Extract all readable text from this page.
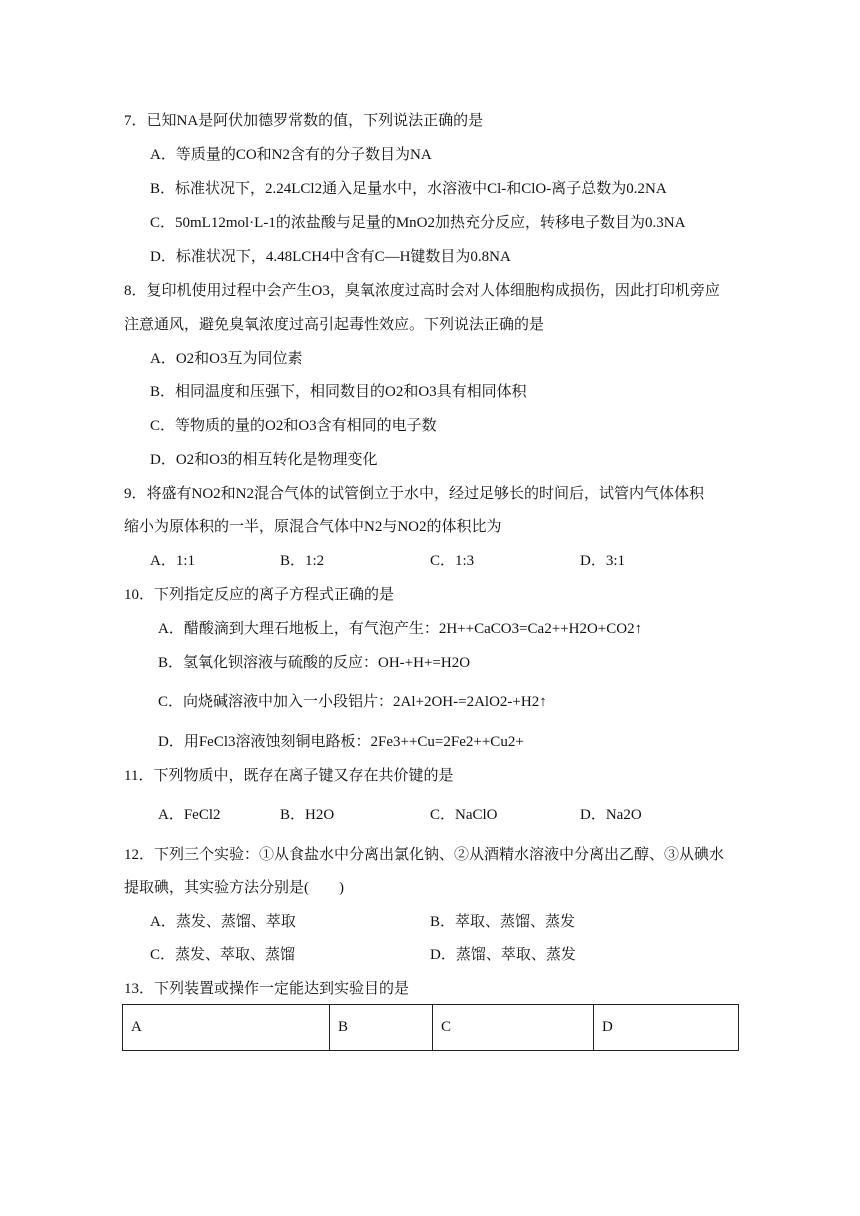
7．已知NA是阿伏加德罗常数的值，下列说法正确的是
A．等质量的CO和N2含有的分子数目为NA
B．标准状况下，2.24LCl2通入足量水中，水溶液中Cl-和ClO-离子总数为0.2NA
C．50mL12mol·L-1的浓盐酸与足量的MnO2加热充分反应，转移电子数目为0.3NA
D．标准状况下，4.48LCH4中含有C—H键数目为0.8NA
8．复印机使用过程中会产生O3，臭氧浓度过高时会对人体细胞构成损伤，因此打印机旁应
注意通风，避免臭氧浓度过高引起毒性效应。下列说法正确的是
A．O2和O3互为同位素
B．相同温度和压强下，相同数目的O2和O3具有相同体积
C．等物质的量的O2和O3含有相同的电子数
D．O2和O3的相互转化是物理变化
9．将盛有NO2和N2混合气体的试管倒立于水中，经过足够长的时间后，试管内气体体积
缩小为原体积的一半，原混合气体中N2与NO2的体积比为
A．1:1	B．1:2	C．1:3	D．3:1
10．下列指定反应的离子方程式正确的是
A．醋酸滴到大理石地板上，有气泡产生：2H++CaCO3=Ca2++H2O+CO2↑
B．氢氧化钡溶液与硫酸的反应：OH-+H+=H2O
C．向烧碱溶液中加入一小段铝片：2Al+2OH-=2AlO2-+H2↑
D．用FeCl3溶液蚀刻铜电路板：2Fe3++Cu=2Fe2++Cu2+
11．下列物质中，既存在离子键又存在共价键的是
A．FeCl2	B．H2O	C．NaClO	D．Na2O
12．下列三个实验：①从食盐水中分离出氯化钠、②从酒精水溶液中分离出乙醇、③从碘水
提取碘，其实验方法分别是(　　)
A．蒸发、蒸馏、萃取	B．萃取、蒸馏、蒸发
C．蒸发、萃取、蒸馏	D．蒸馏、萃取、蒸发
13．下列装置或操作一定能达到实验目的是
A	B	C	D
